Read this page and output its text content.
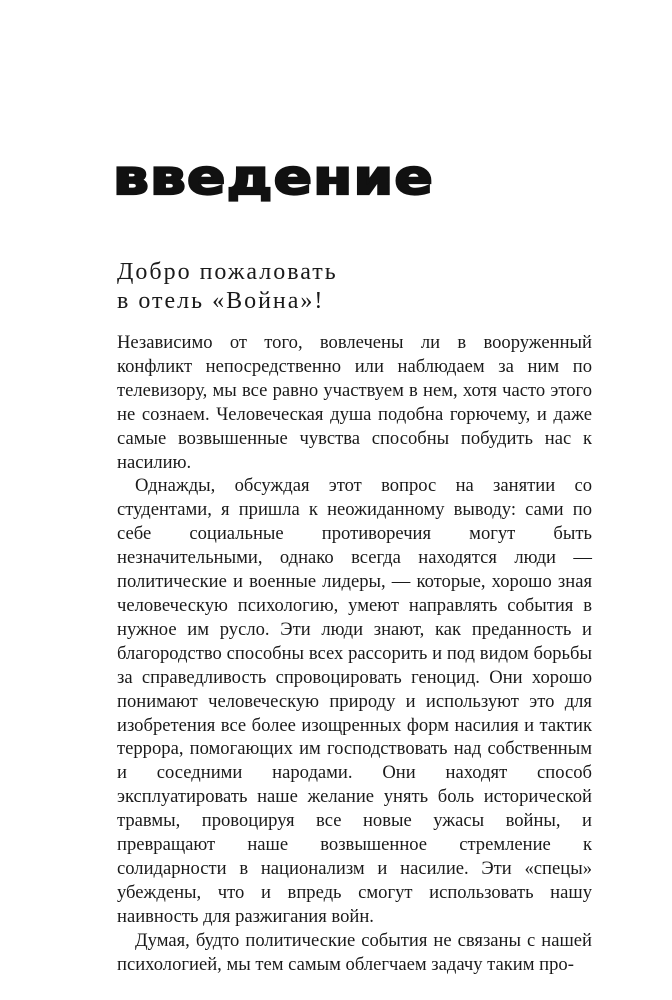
введение
Добро пожаловать
в отель «Война»!

Независимо от того, вовлечены ли в вооруженный конфликт непосредственно или наблюдаем за ним по телевизору, мы все равно участвуем в нем, хотя часто этого не сознаем. Человеческая душа подобна горючему, и даже самые возвышенные чувства способны побудить нас к насилию.

Однажды, обсуждая этот вопрос на занятии со студентами, я пришла к неожиданному выводу: сами по себе социальные противоречия могут быть незначительными, однако всегда находятся люди — политические и военные лидеры, — которые, хорошо зная человеческую психологию, умеют направлять события в нужное им русло. Эти люди знают, как преданность и благородство способны всех рассорить и под видом борьбы за справедливость спровоцировать геноцид. Они хорошо понимают человеческую природу и используют это для изобретения все более изощренных форм насилия и тактик террора, помогающих им господствовать над собственным и соседними народами. Они находят способ эксплуатировать наше желание унять боль исторической травмы, провоцируя все новые ужасы войны, и превращают наше возвышенное стремление к солидарности в национализм и насилие. Эти «спецы» убеждены, что и впредь смогут использовать нашу наивность для разжигания войн.

Думая, будто политические события не связаны с нашей психологией, мы тем самым облегчаем задачу таким про-
